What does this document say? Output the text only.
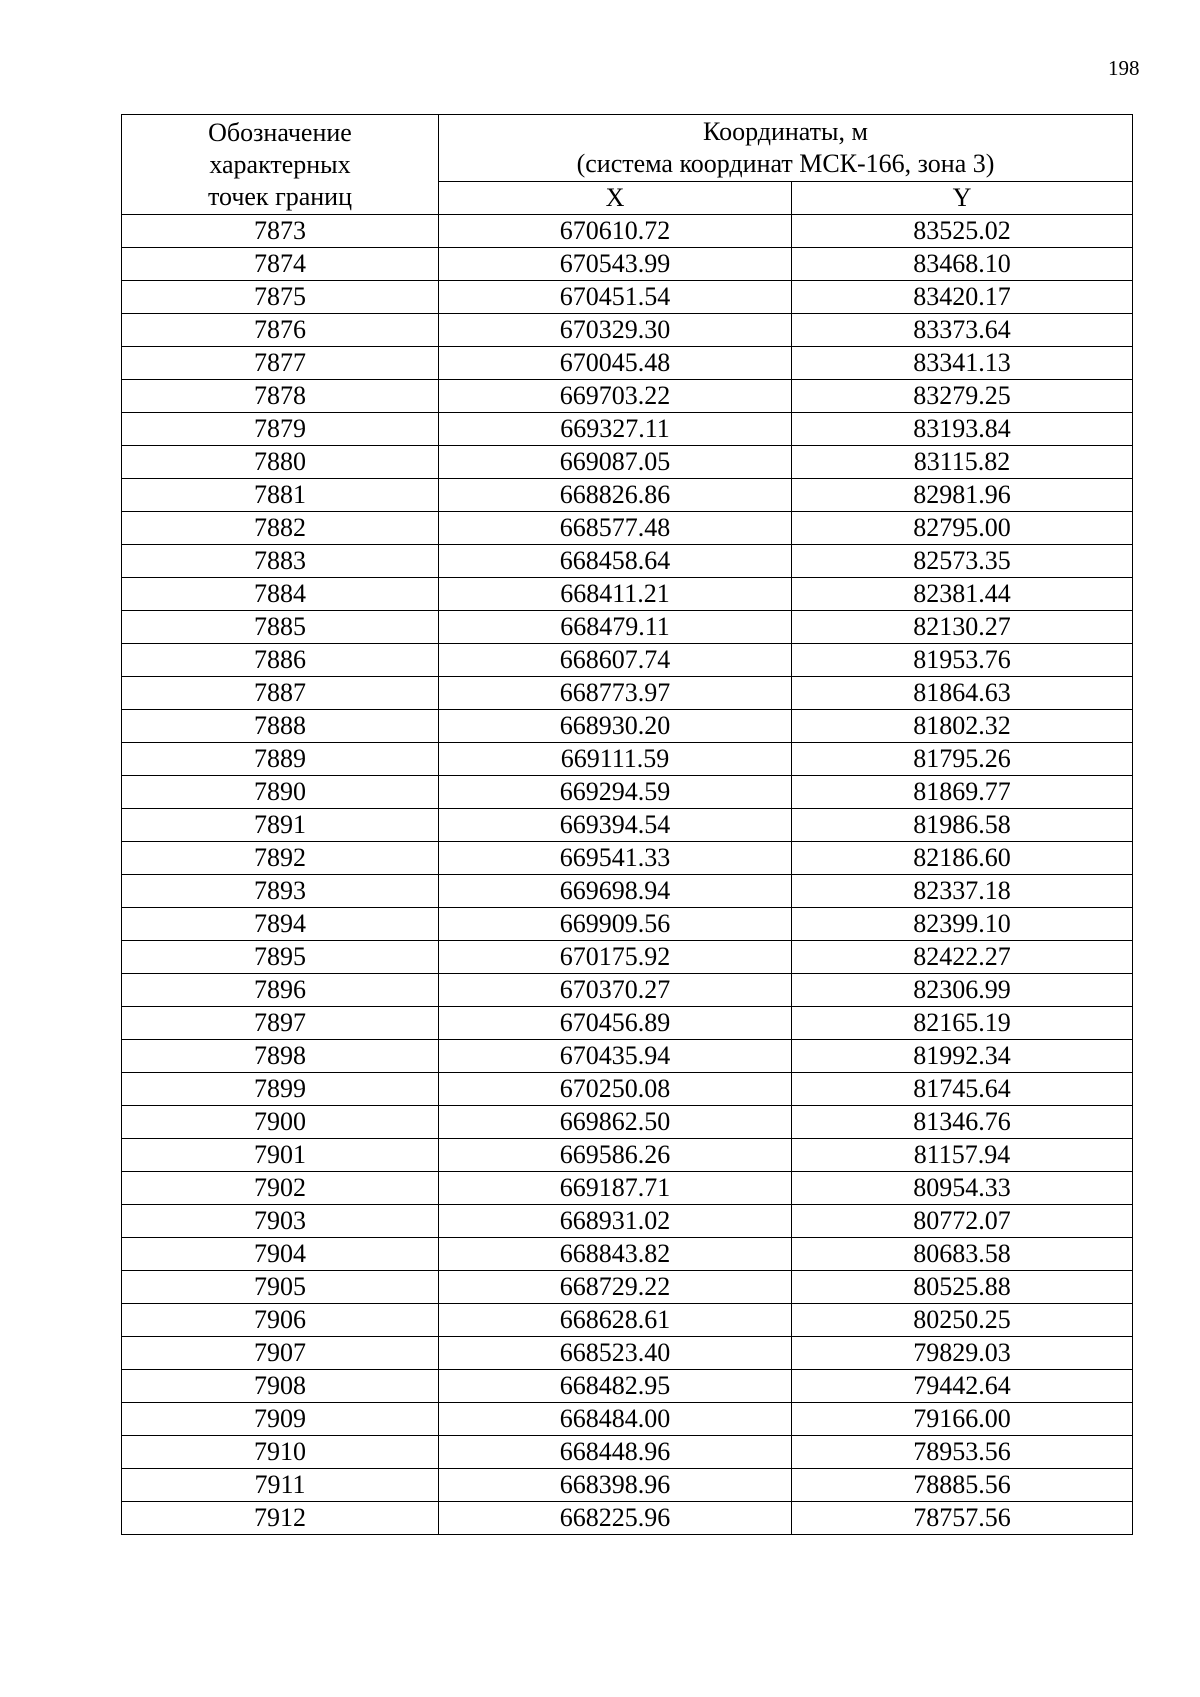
198
Обозначение
характерных
точек границ	Координаты, м
(система координат МСК-166, зона 3)	

	X	Y
7873	670610.72	83525.02
7874	670543.99	83468.10
7875	670451.54	83420.17
7876	670329.30	83373.64
7877	670045.48	83341.13
7878	669703.22	83279.25
7879	669327.11	83193.84
7880	669087.05	83115.82
7881	668826.86	82981.96
7882	668577.48	82795.00
7883	668458.64	82573.35
7884	668411.21	82381.44
7885	668479.11	82130.27
7886	668607.74	81953.76
7887	668773.97	81864.63
7888	668930.20	81802.32
7889	669111.59	81795.26
7890	669294.59	81869.77
7891	669394.54	81986.58
7892	669541.33	82186.60
7893	669698.94	82337.18
7894	669909.56	82399.10
7895	670175.92	82422.27
7896	670370.27	82306.99
7897	670456.89	82165.19
7898	670435.94	81992.34
7899	670250.08	81745.64
7900	669862.50	81346.76
7901	669586.26	81157.94
7902	669187.71	80954.33
7903	668931.02	80772.07
7904	668843.82	80683.58
7905	668729.22	80525.88
7906	668628.61	80250.25
7907	668523.40	79829.03
7908	668482.95	79442.64
7909	668484.00	79166.00
7910	668448.96	78953.56
7911	668398.96	78885.56
7912	668225.96	78757.56
